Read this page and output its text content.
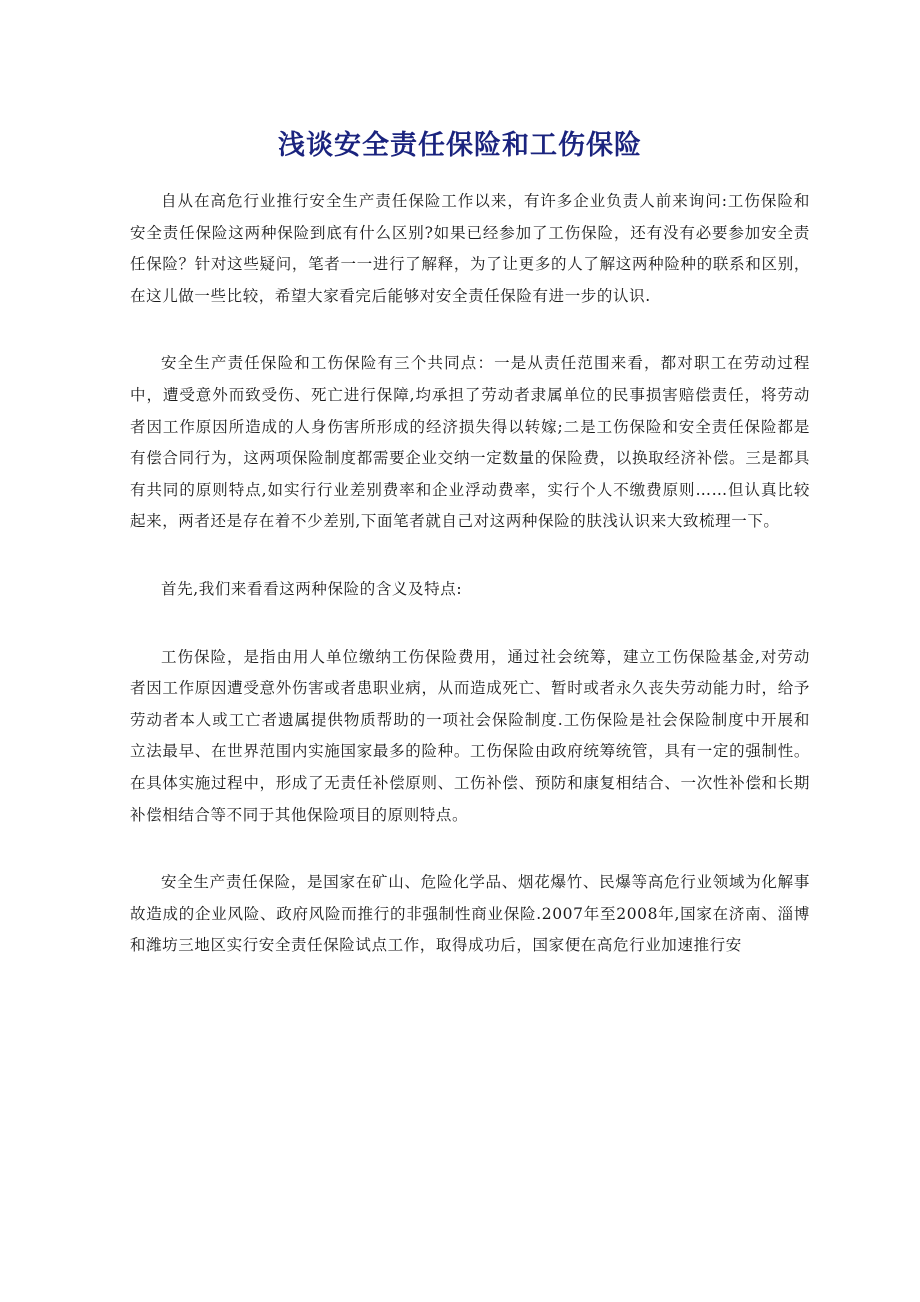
浅谈安全责任保险和工伤保险

自从在高危行业推行安全生产责任保险工作以来，有许多企业负责人前来询问:工伤保险和安全责任保险这两种保险到底有什么区别?如果已经参加了工伤保险，还有没有必要参加安全责任保险？针对这些疑问，笔者一一进行了解释，为了让更多的人了解这两种险种的联系和区别，在这儿做一些比较，希望大家看完后能够对安全责任保险有进一步的认识.

安全生产责任保险和工伤保险有三个共同点：一是从责任范围来看，都对职工在劳动过程中，遭受意外而致受伤、死亡进行保障,均承担了劳动者隶属单位的民事损害赔偿责任，将劳动者因工作原因所造成的人身伤害所形成的经济损失得以转嫁;二是工伤保险和安全责任保险都是有偿合同行为，这两项保险制度都需要企业交纳一定数量的保险费，以换取经济补偿。三是都具有共同的原则特点,如实行行业差别费率和企业浮动费率，实行个人不缴费原则……但认真比较起来，两者还是存在着不少差别,下面笔者就自己对这两种保险的肤浅认识来大致梳理一下。

首先,我们来看看这两种保险的含义及特点:

工伤保险，是指由用人单位缴纳工伤保险费用，通过社会统筹，建立工伤保险基金,对劳动者因工作原因遭受意外伤害或者患职业病，从而造成死亡、暂时或者永久丧失劳动能力时，给予劳动者本人或工亡者遗属提供物质帮助的一项社会保险制度.工伤保险是社会保险制度中开展和立法最早、在世界范围内实施国家最多的险种。工伤保险由政府统筹统管，具有一定的强制性。在具体实施过程中，形成了无责任补偿原则、工伤补偿、预防和康复相结合、一次性补偿和长期补偿相结合等不同于其他保险项目的原则特点。

安全生产责任保险，是国家在矿山、危险化学品、烟花爆竹、民爆等高危行业领域为化解事故造成的企业风险、政府风险而推行的非强制性商业保险.2007年至2008年,国家在济南、淄博和潍坊三地区实行安全责任保险试点工作，取得成功后，国家便在高危行业加速推行安
